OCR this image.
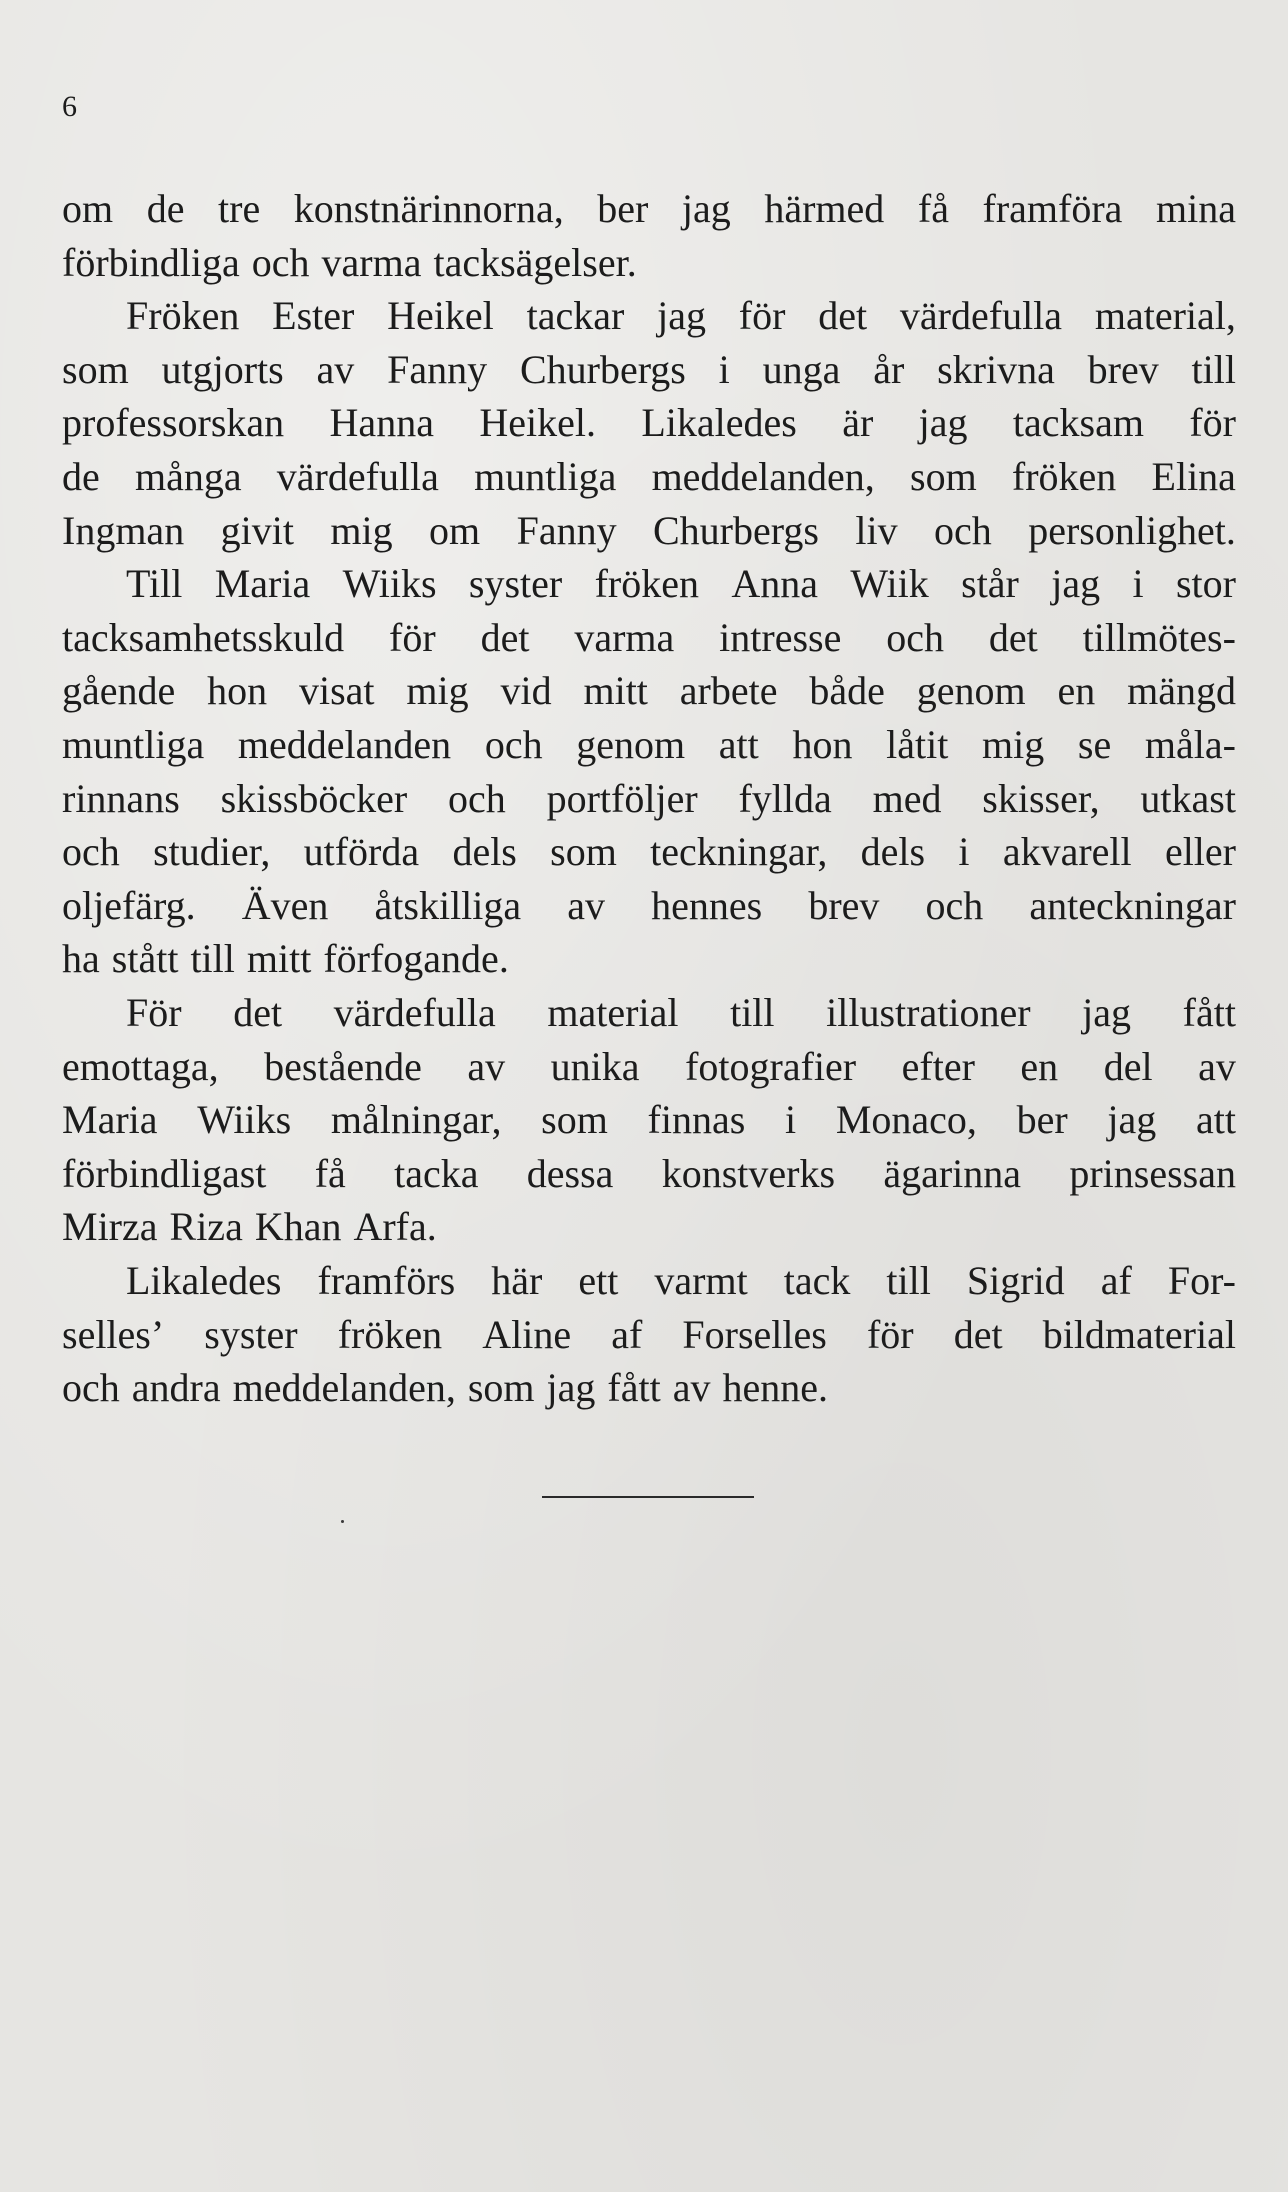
6
om de tre konstnärinnorna, ber jag härmed få framföra mina
förbindliga och varma tacksägelser.
Fröken Ester Heikel tackar jag för det värdefulla material,
som utgjorts av Fanny Churbergs i unga år skrivna brev till
professorskan Hanna Heikel. Likaledes är jag tacksam för
de många värdefulla muntliga meddelanden, som fröken Elina
Ingman givit mig om Fanny Churbergs liv och personlighet.
Till Maria Wiiks syster fröken Anna Wiik står jag i stor
tacksamhetsskuld för det varma intresse och det tillmötes-
gående hon visat mig vid mitt arbete både genom en mängd
muntliga meddelanden och genom att hon låtit mig se måla-
rinnans skissböcker och portföljer fyllda med skisser, utkast
och studier, utförda dels som teckningar, dels i akvarell eller
oljefärg. Även åtskilliga av hennes brev och anteckningar
ha stått till mitt förfogande.
För det värdefulla material till illustrationer jag fått
emottaga, bestående av unika fotografier efter en del av
Maria Wiiks målningar, som finnas i Monaco, ber jag att
förbindligast få tacka dessa konstverks ägarinna prinsessan
Mirza Riza Khan Arfa.
Likaledes framförs här ett varmt tack till Sigrid af For-
selles’ syster fröken Aline af Forselles för det bildmaterial
och andra meddelanden, som jag fått av henne.
